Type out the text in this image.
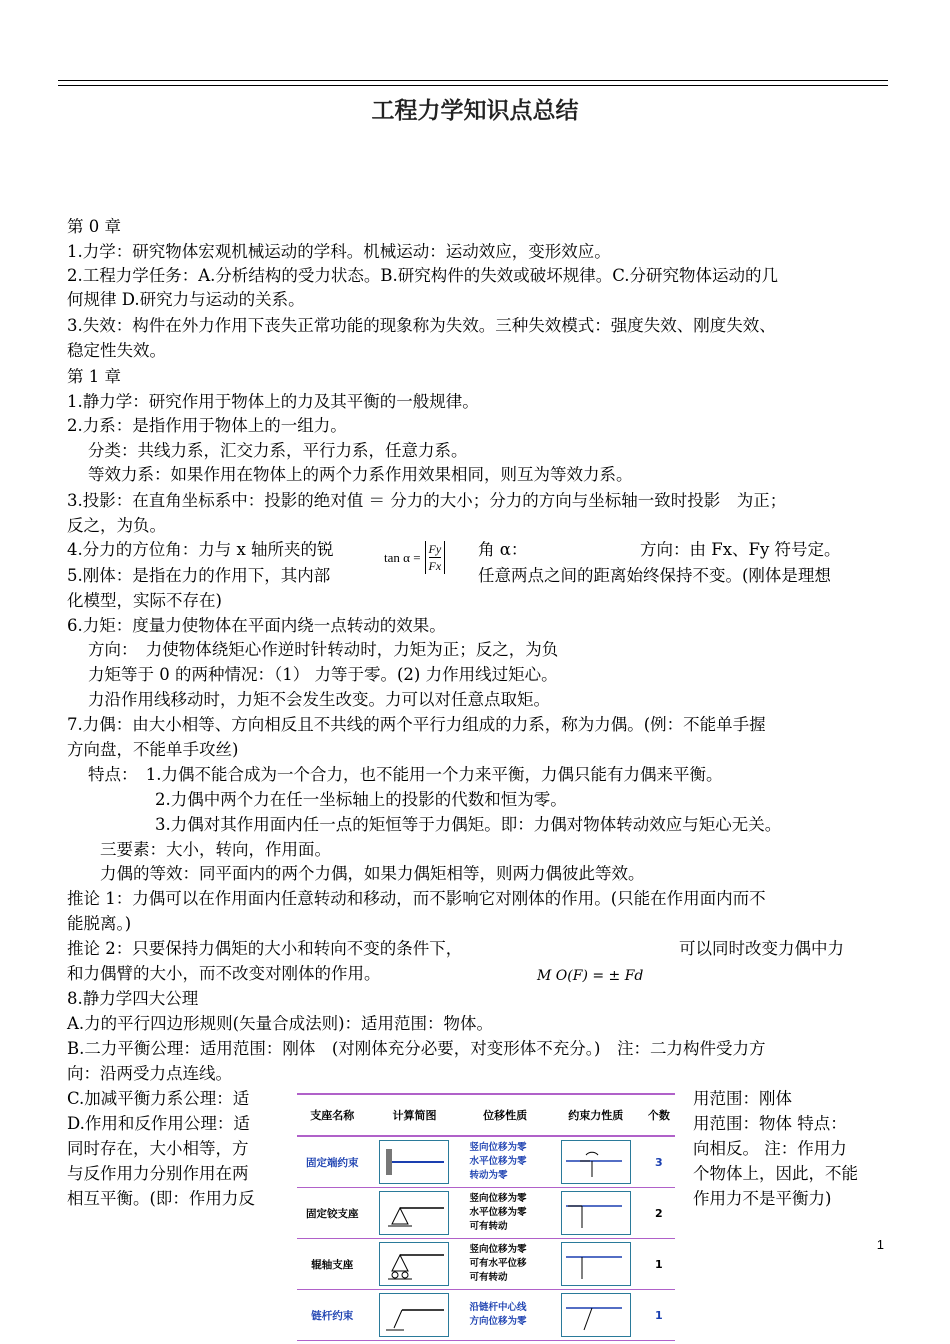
工程力学知识点总结
第 0 章
1.力学：研究物体宏观机械运动的学科。机械运动：运动效应，变形效应。
2.工程力学任务：A.分析结构的受力状态。B.研究构件的失效或破坏规律。C.分研究物体运动的几
何规律 D.研究力与运动的关系。
3.失效：构件在外力作用下丧失正常功能的现象称为失效。三种失效模式：强度失效、刚度失效、
稳定性失效。
第 1 章
1.静力学：研究作用于物体上的力及其平衡的一般规律。
2.力系：是指作用于物体上的一组力。
分类：共线力系，汇交力系，平行力系，任意力系。
等效力系：如果作用在物体上的两个力系作用效果相同，则互为等效力系。
3.投影：在直角坐标系中：投影的绝对值 ＝ 分力的大小；分力的方向与坐标轴一致时投影　为正；
反之，为负。
4.分力的方位角：力与 x 轴所夹的锐	角 α：	方向：由 Fx、Fy 符号定。
$\tan \alpha = \frac{Fy}{Fx}$
5.刚体：是指在力的作用下，其内部	任意两点之间的距离始终保持不变。(刚体是理想
化模型，实际不存在)
6.力矩：度量力使物体在平面内绕一点转动的效果。
方向：　力使物体绕矩心作逆时针转动时，力矩为正；反之，为负
力矩等于 0 的两种情况：（1） 力等于零。(2) 力作用线过矩心。
力沿作用线移动时，力矩不会发生改变。力可以对任意点取矩。
7.力偶：由大小相等、方向相反且不共线的两个平行力组成的力系，称为力偶。(例：不能单手握
方向盘，不能单手攻丝)
特点：　1.力偶不能合成为一个合力，也不能用一个力来平衡，力偶只能有力偶来平衡。
2.力偶中两个力在任一坐标轴上的投影的代数和恒为零。
3.力偶对其作用面内任一点的矩恒等于力偶矩。即：力偶对物体转动效应与矩心无关。
三要素：大小，转向，作用面。
力偶的等效：同平面内的两个力偶，如果力偶矩相等，则两力偶彼此等效。
推论 1：力偶可以在作用面内任意转动和移动，而不影响它对刚体的作用。(只能在作用面内而不
能脱离。)
推论 2：只要保持力偶矩的大小和转向不变的条件下，	可以同时改变力偶中力
和力偶臂的大小，而不改变对刚体的作用。	M O(F) = ± Fd
8.静力学四大公理
A.力的平行四边形规则(矢量合成法则)：适用范围：物体。
B.二力平衡公理：适用范围：刚体　(对刚体充分必要，对变形体不充分。)　注：二力构件受力方
向：沿两受力点连线。
C.加减平衡力系公理：适	用范围：刚体
D.作用和反作用公理：适	用范围：物体 特点：
同时存在，大小相等，方	向相反。 注：作用力
与反作用力分别作用在两	个物体上，因此，不能
相互平衡。(即：作用力反	作用力不是平衡力)
支座名称	计算简图	位移性质	约束力性质	个数
固定端约束		竖向位移为零
水平位移为零
转动为零		3
固定铰支座		竖向位移为零
水平位移为零
可有转动		2
辊轴支座		竖向位移为零
可有水平位移
可有转动		1
链杆约束		沿链杆中心线
方向位移为零		1
1
